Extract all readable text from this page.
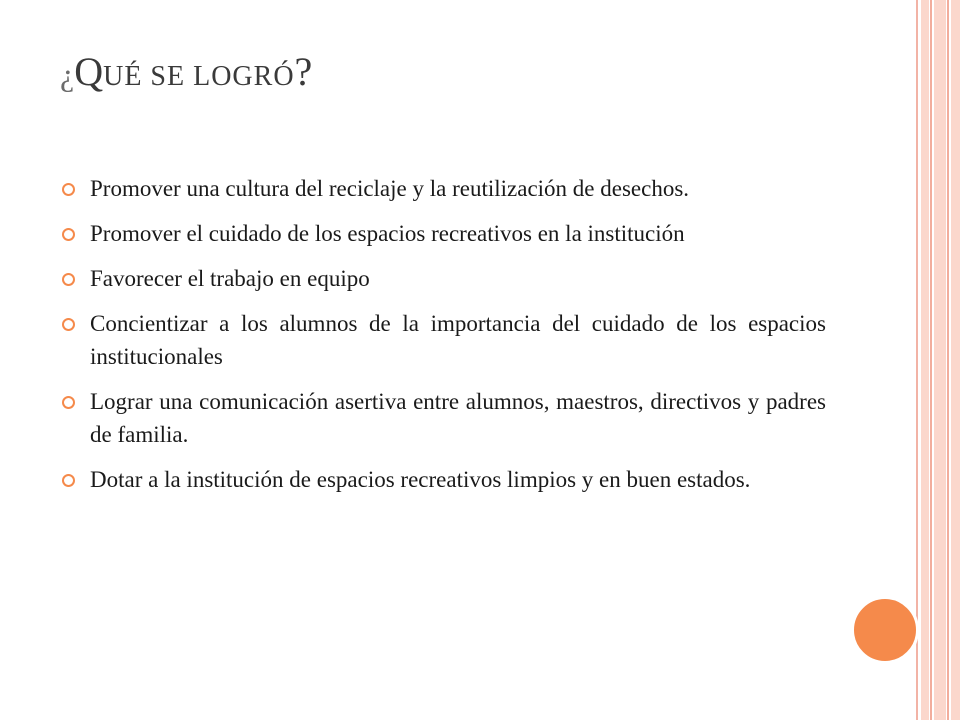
¿QUÉ SE LOGRÓ?
Promover una cultura del reciclaje y la reutilización de desechos.
Promover el cuidado de los espacios recreativos en la institución
Favorecer el trabajo en equipo
Concientizar a los alumnos de la importancia del cuidado de los espacios institucionales
Lograr una comunicación asertiva entre alumnos, maestros, directivos y padres de familia.
Dotar a la institución de espacios recreativos limpios y en buen estados.
